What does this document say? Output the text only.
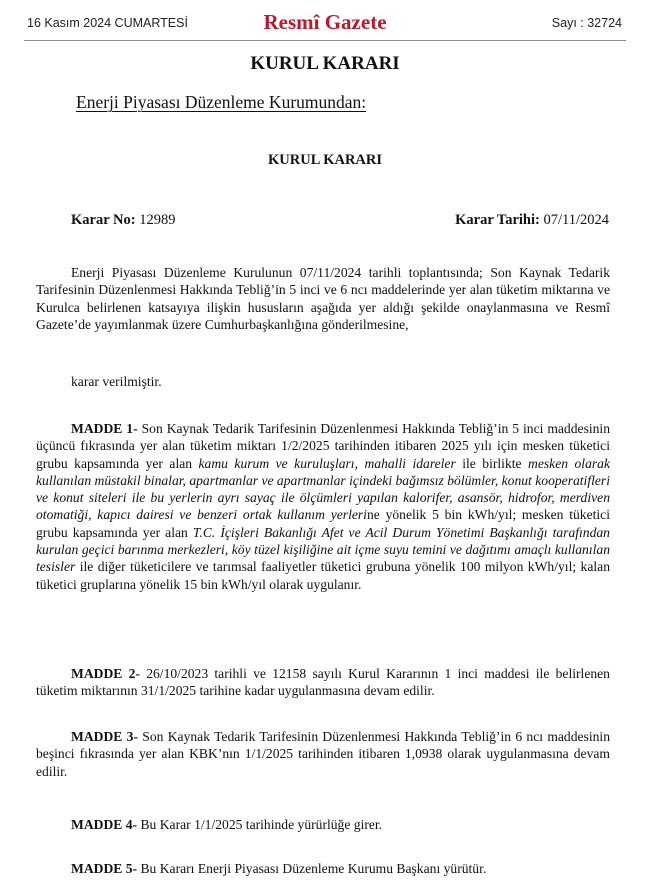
16 Kasım 2024 CUMARTESİ	Resmî Gazete	Sayı : 32724
KURUL KARARI
Enerji Piyasası Düzenleme Kurumundan:
KURUL KARARI
Karar No: 12989	Karar Tarihi: 07/11/2024

Enerji Piyasası Düzenleme Kurulunun 07/11/2024 tarihli toplantısında; Son Kaynak Tedarik Tarifesinin Düzenlenmesi Hakkında Tebliğ’in 5 inci ve 6 ncı maddelerinde yer alan tüketim miktarına ve Kurulca belirlenen katsayıya ilişkin hususların aşağıda yer aldığı şekilde onaylanmasına ve Resmî Gazete’de yayımlanmak üzere Cumhurbaşkanlığına gönderilmesine,

karar verilmiştir.

MADDE 1- Son Kaynak Tedarik Tarifesinin Düzenlenmesi Hakkında Tebliğ’in 5 inci maddesinin üçüncü fıkrasında yer alan tüketim miktarı 1/2/2025 tarihinden itibaren 2025 yılı için mesken tüketici grubu kapsamında yer alan kamu kurum ve kuruluşları, mahalli idareler ile birlikte mesken olarak kullanılan müstakil binalar, apartmanlar ve apartmanlar içindeki bağımsız bölümler, konut kooperatifleri ve konut siteleri ile bu yerlerin ayrı sayaç ile ölçümleri yapılan kalorifer, asansör, hidrofor, merdiven otomatiği, kapıcı dairesi ve benzeri ortak kullanım yerlerine yönelik 5 bin kWh/yıl; mesken tüketici grubu kapsamında yer alan T.C. İçişleri Bakanlığı Afet ve Acil Durum Yönetimi Başkanlığı tarafından kurulan geçici barınma merkezleri, köy tüzel kişiliğine ait içme suyu temini ve dağıtımı amaçlı kullanılan tesisler ile diğer tüketicilere ve tarımsal faaliyetler tüketici grubuna yönelik 100 milyon kWh/yıl; kalan tüketici gruplarına yönelik 15 bin kWh/yıl olarak uygulanır.

MADDE 2- 26/10/2023 tarihli ve 12158 sayılı Kurul Kararının 1 inci maddesi ile belirlenen tüketim miktarının 31/1/2025 tarihine kadar uygulanmasına devam edilir.

MADDE 3- Son Kaynak Tedarik Tarifesinin Düzenlenmesi Hakkında Tebliğ’in 6 ncı maddesinin beşinci fıkrasında yer alan KBK’nın 1/1/2025 tarihinden itibaren 1,0938 olarak uygulanmasına devam edilir.

MADDE 4- Bu Karar 1/1/2025 tarihinde yürürlüğe girer.

MADDE 5- Bu Kararı Enerji Piyasası Düzenleme Kurumu Başkanı yürütür.
